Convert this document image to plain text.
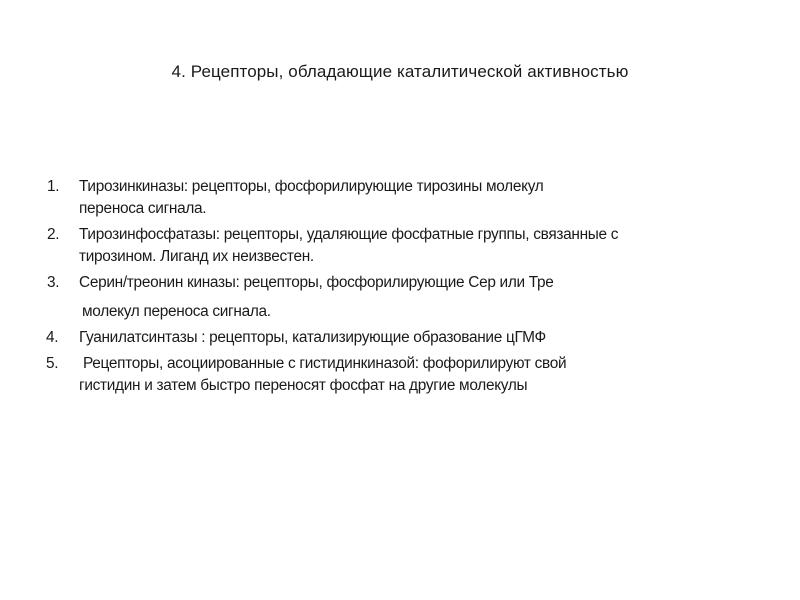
4. Рецепторы, обладающие каталитической активностью
1. Тирозинкиназы: рецепторы, фосфорилирующие тирозины молекул
переноса сигнала.
2. Тирозинфосфатазы: рецепторы, удаляющие фосфатные группы, связанные с
тирозином. Лиганд их неизвестен.
3. Серин/треонин киназы: рецепторы, фосфорилирующие Сер или Тре
молекул переноса сигнала.
4. Гуанилатсинтазы : рецепторы, катализирующие образование цГМФ
5. Рецепторы, асоциированные с гистидинкиназой: фофорилируют свой
гистидин и затем быстро переносят фосфат на другие молекулы
